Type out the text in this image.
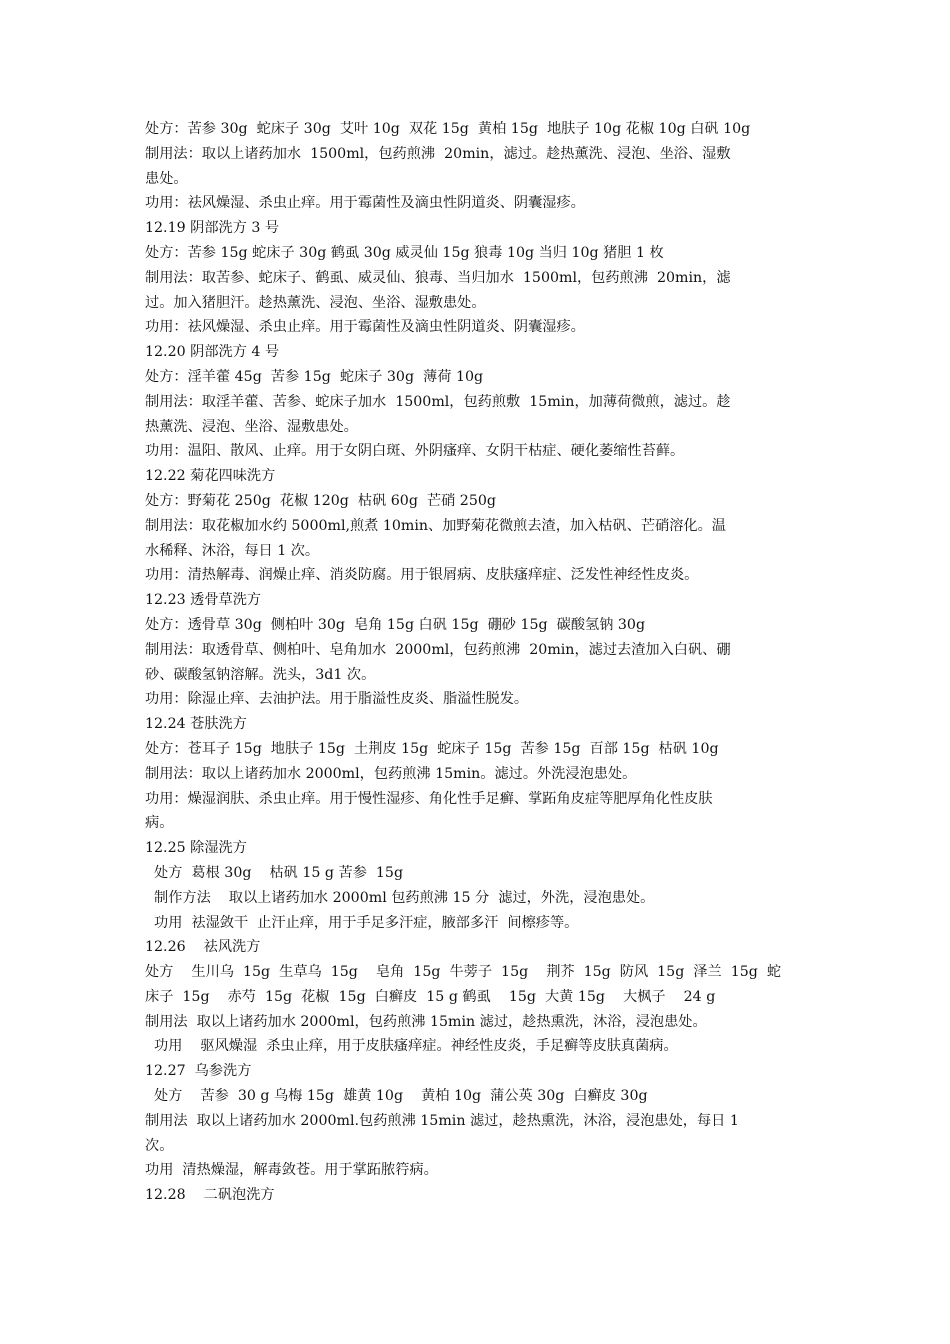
处方：苦参 30g  蛇床子 30g  艾叶 10g  双花 15g  黄柏 15g  地肤子 10g 花椒 10g 白矾 10g

制用法：取以上诸药加水  1500ml，包药煎沸  20min，滤过。趁热薰洗、浸泡、坐浴、湿敷

患处。

功用：祛风燥湿、杀虫止痒。用于霉菌性及滴虫性阴道炎、阴囊湿疹。

12.19 阴部洗方 3 号

处方：苦参 15g 蛇床子 30g 鹤虱 30g 威灵仙 15g 狼毒 10g 当归 10g 猪胆 1 枚

制用法：取苦参、蛇床子、鹤虱、威灵仙、狼毒、当归加水  1500ml，包药煎沸  20min，滤

过。加入猪胆汗。趁热薰洗、浸泡、坐浴、湿敷患处。

功用：祛风燥湿、杀虫止痒。用于霉菌性及滴虫性阴道炎、阴囊湿疹。

12.20 阴部洗方 4 号

处方：淫羊藿 45g  苦参 15g  蛇床子 30g  薄荷 10g

制用法：取淫羊藿、苦参、蛇床子加水  1500ml，包药煎敷  15min，加薄荷微煎，滤过。趁

热薰洗、浸泡、坐浴、湿敷患处。

功用：温阳、散风、止痒。用于女阴白斑、外阴瘙痒、女阴干枯症、硬化萎缩性苔藓。

12.22 菊花四味洗方

处方：野菊花 250g  花椒 120g  枯矾 60g  芒硝 250g

制用法：取花椒加水约 5000ml,煎煮 10min、加野菊花微煎去渣，加入枯矾、芒硝溶化。温

水稀释、沐浴，每日 1 次。

功用：清热解毒、润燥止痒、消炎防腐。用于银屑病、皮肤瘙痒症、泛发性神经性皮炎。

12.23 透骨草洗方

处方：透骨草 30g  侧柏叶 30g  皂角 15g 白矾 15g  硼砂 15g  碳酸氢钠 30g

制用法：取透骨草、侧柏叶、皂角加水  2000ml，包药煎沸  20min，滤过去渣加入白矾、硼

砂、碳酸氢钠溶解。洗头，3d1 次。

功用：除湿止痒、去油护法。用于脂溢性皮炎、脂溢性脱发。

12.24 苍肤洗方

处方：苍耳子 15g  地肤子 15g  土荆皮 15g  蛇床子 15g  苦参 15g  百部 15g  枯矾 10g

制用法：取以上诸药加水 2000ml，包药煎沸 15min。滤过。外洗浸泡患处。

功用：燥湿润肤、杀虫止痒。用于慢性湿疹、角化性手足癣、掌跖角皮症等肥厚角化性皮肤

病。

12.25 除湿洗方

处方  葛根 30g    枯矾 15 g 苦参  15g

制作方法    取以上诸药加水 2000ml 包药煎沸 15 分  滤过，外洗，浸泡患处。

功用  祛湿敛干  止汗止痒，用于手足多汗症，腋部多汗  间檫疹等。

12.26    祛风洗方

处方    生川乌  15g  生草乌  15g    皂角  15g  牛蒡子  15g    荆芥  15g  防风  15g  泽兰  15g  蛇

床子  15g    赤芍  15g  花椒  15g  白癣皮  15 g 鹤虱    15g  大黄 15g    大枫子    24 g

制用法  取以上诸药加水 2000ml，包药煎沸 15min 滤过，趁热熏洗，沐浴，浸泡患处。

功用    驱风燥湿  杀虫止痒，用于皮肤瘙痒症。神经性皮炎，手足癣等皮肤真菌病。

12.27  乌参洗方

处方    苦参  30 g 乌梅 15g  雄黄 10g    黄柏 10g  蒲公英 30g  白癣皮 30g

制用法  取以上诸药加水 2000ml.包药煎沸 15min 滤过，趁热熏洗，沐浴，浸泡患处，每日 1

次。

功用  清热燥湿，解毒敛苍。用于掌跖脓筕病。

12.28    二矾泡洗方
